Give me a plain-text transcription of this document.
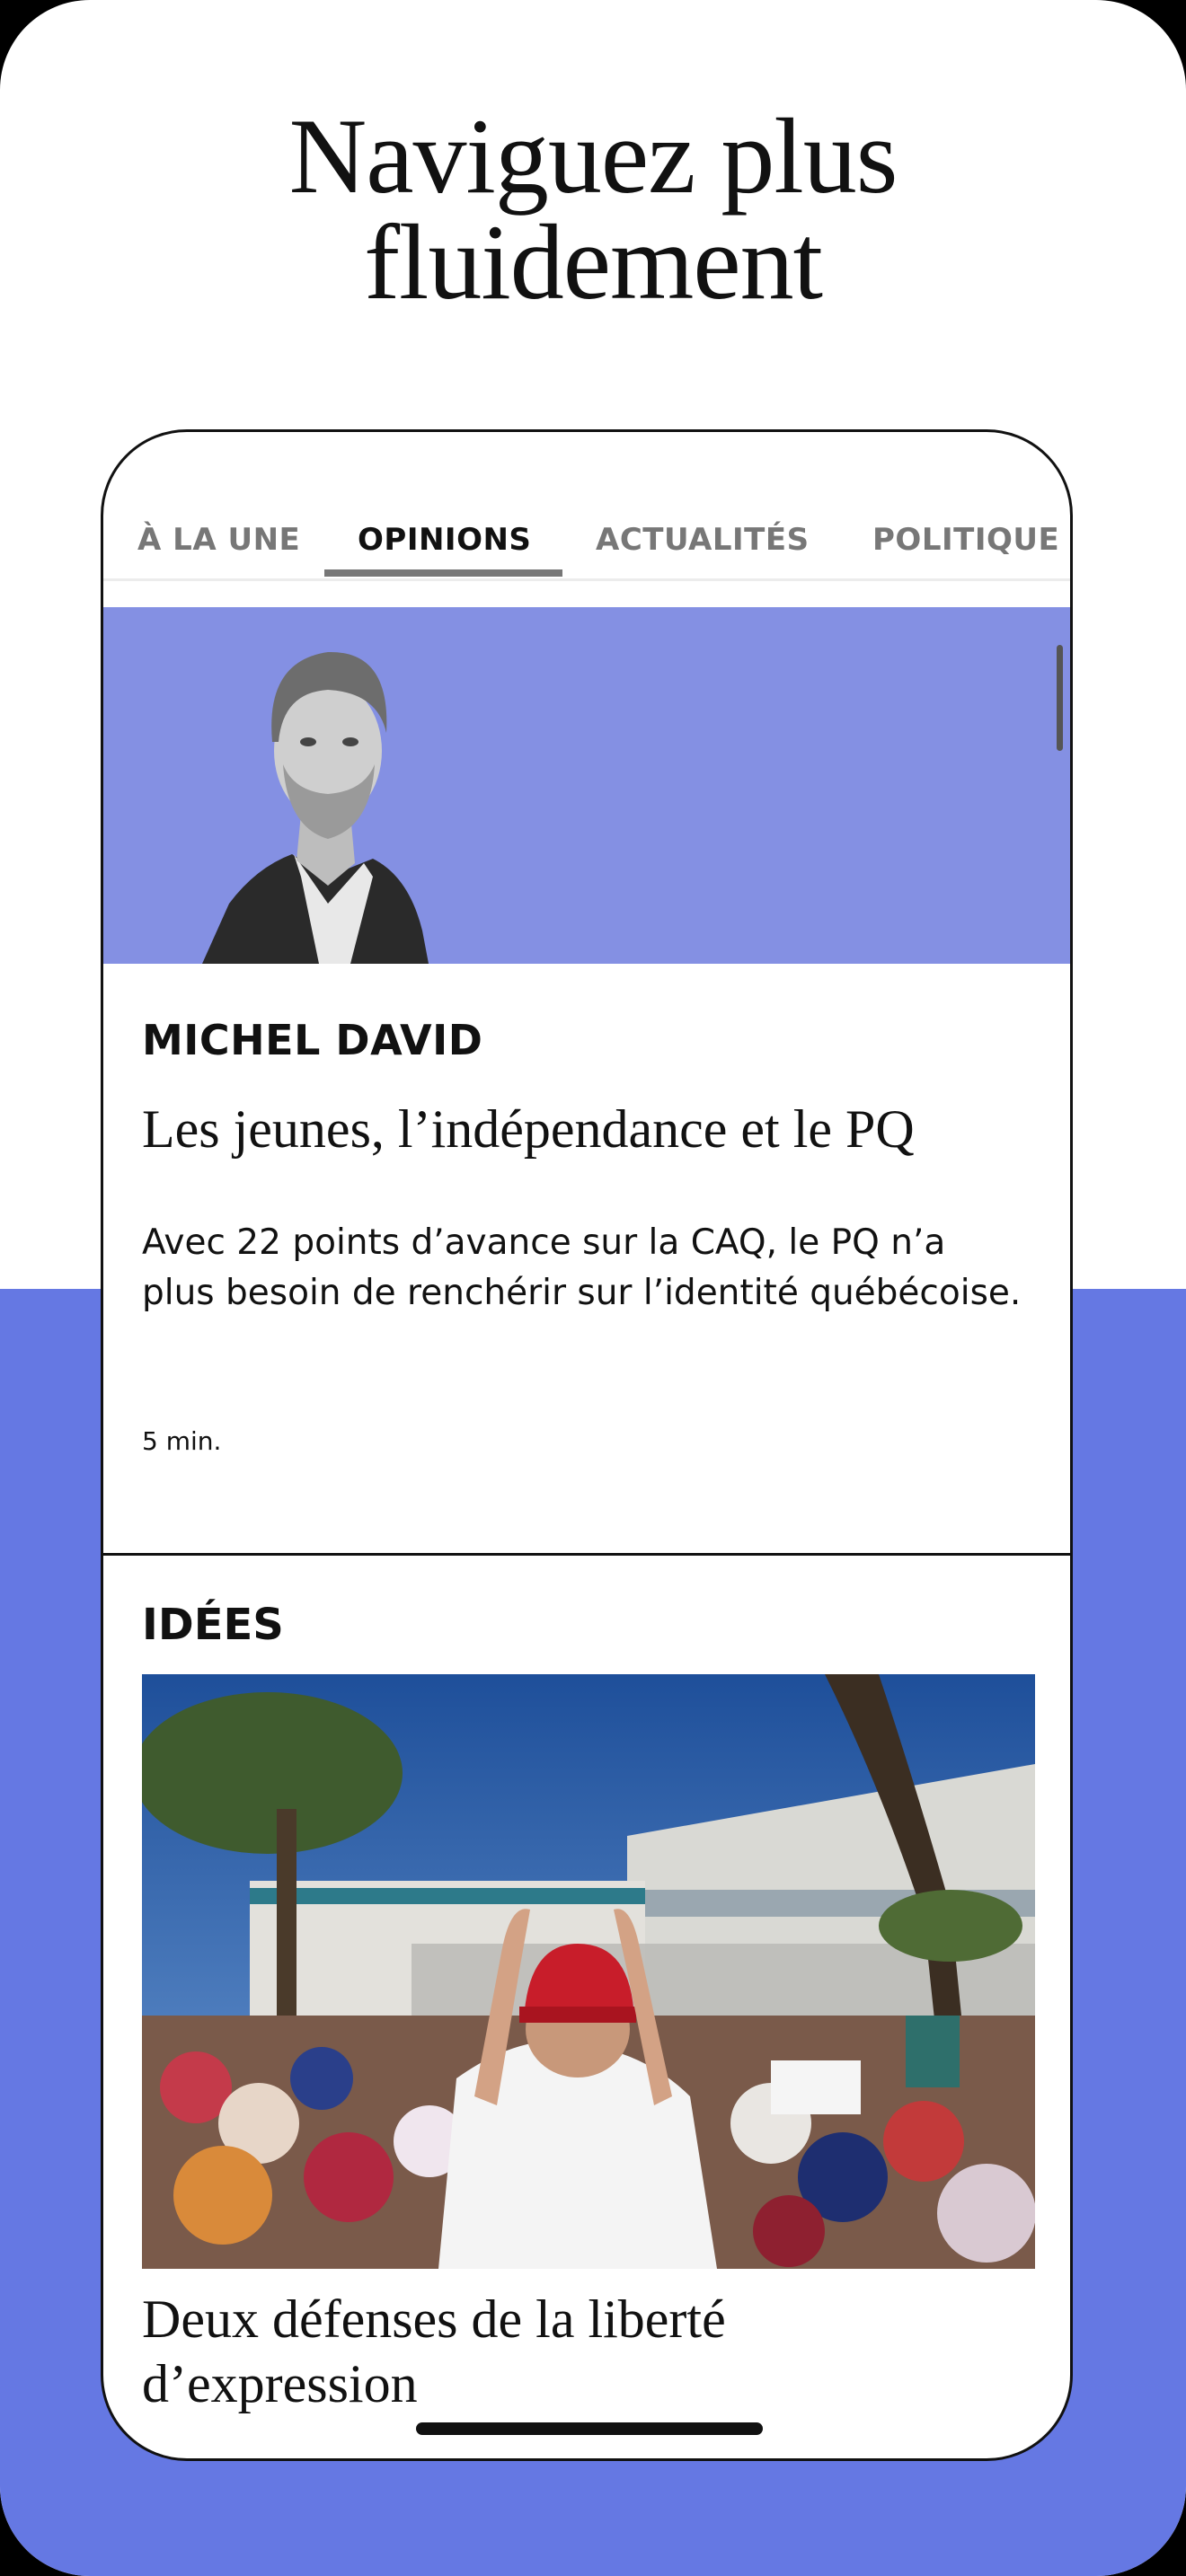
Naviguez plus
fluidement
À LA UNE OPINIONS ACTUALITÉS POLITIQUE
MICHEL DAVID
Les jeunes, l’indépendance et le PQ
Avec 22 points d’avance sur la CAQ, le PQ n’a plus besoin de renchérir sur l’identité québécoise.
5 min.
IDÉES
Deux défenses de la liberté d’expression
